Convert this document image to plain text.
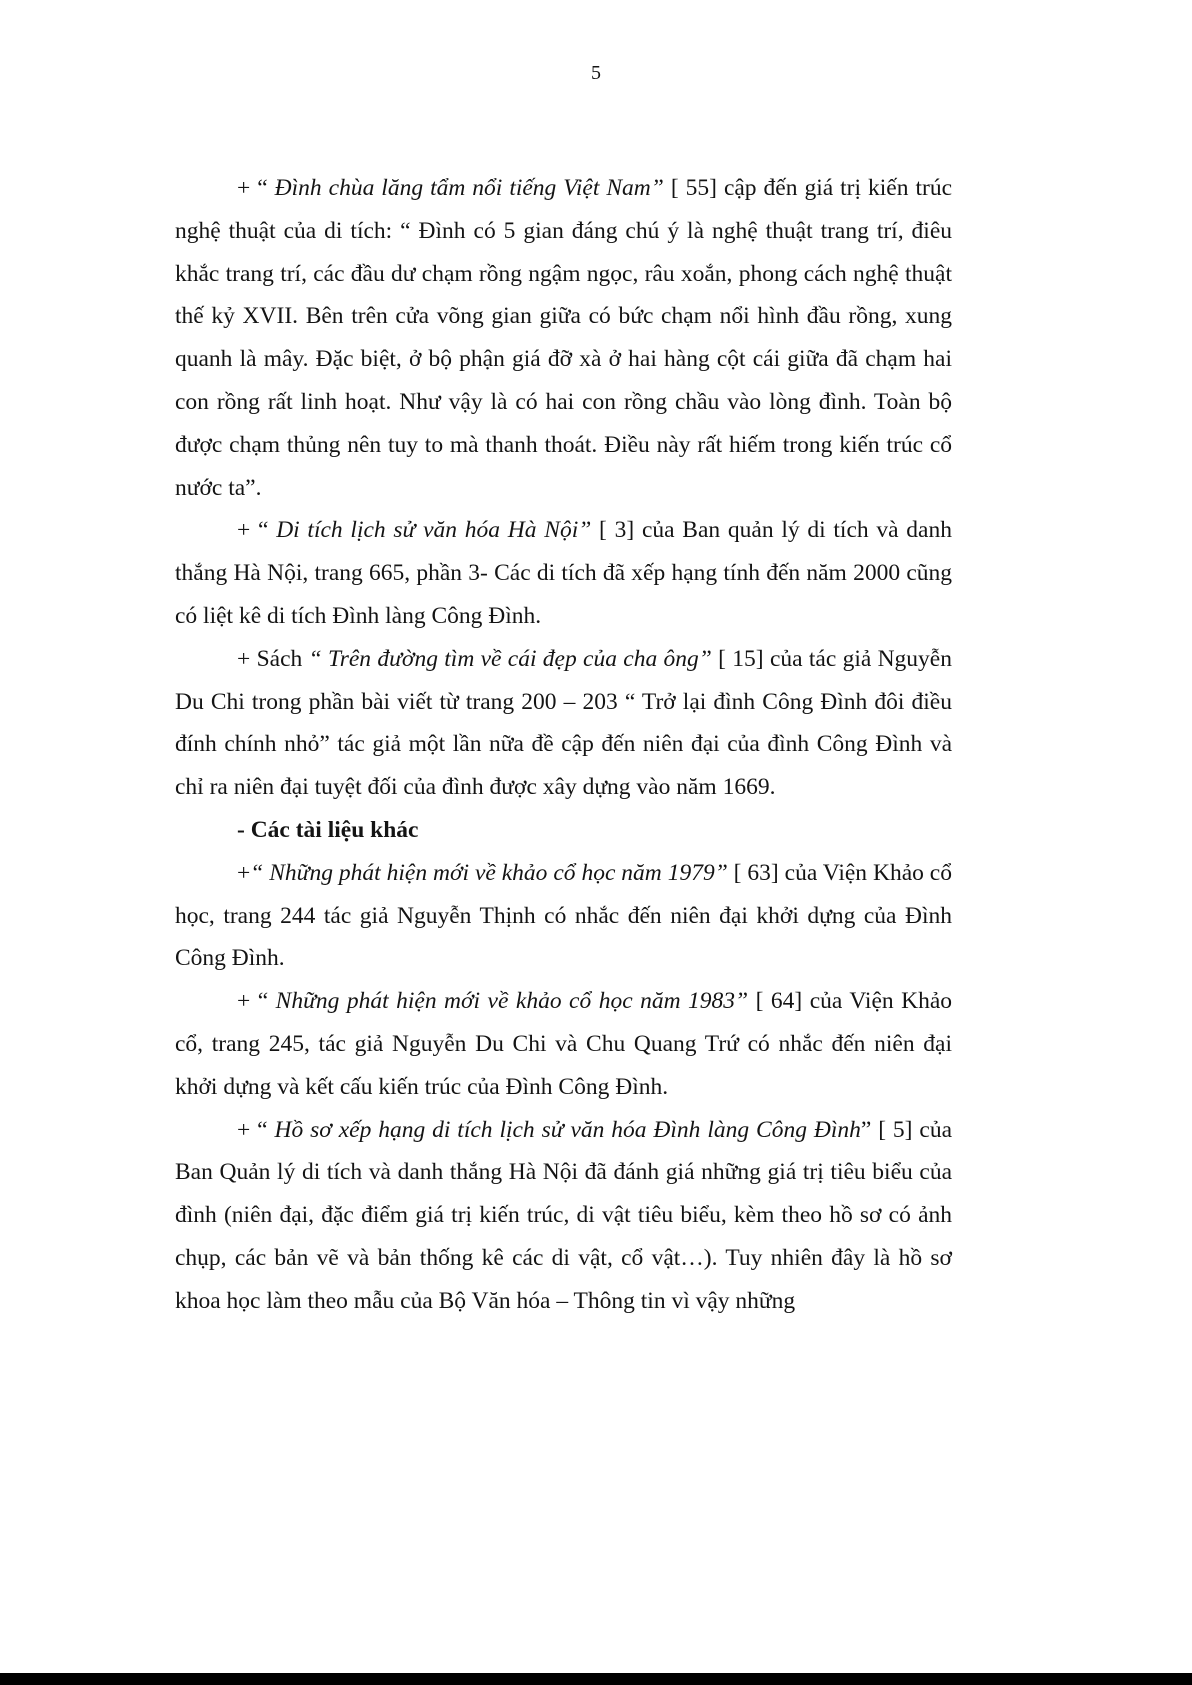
5

+ “ Đình chùa lăng tẩm nổi tiếng Việt Nam” [ 55] cập đến giá trị kiến trúc nghệ thuật của di tích: “ Đình có 5 gian đáng chú ý là nghệ thuật trang trí, điêu khắc trang trí, các đầu dư chạm rồng ngậm ngọc, râu xoắn, phong cách nghệ thuật thế kỷ XVII. Bên trên cửa võng gian giữa có bức chạm nổi hình đầu rồng, xung quanh là mây. Đặc biệt, ở bộ phận giá đỡ xà ở hai hàng cột cái giữa đã chạm hai con rồng rất linh hoạt. Như vậy là có hai con rồng chầu vào lòng đình. Toàn bộ được chạm thủng nên tuy to mà thanh thoát. Điều này rất hiếm trong kiến trúc cổ nước ta”.

+ “ Di tích lịch sử văn hóa Hà Nội” [ 3] của Ban quản lý di tích và danh thắng Hà Nội, trang 665, phần 3- Các di tích đã xếp hạng tính đến năm 2000 cũng có liệt kê di tích Đình làng Công Đình.

+ Sách “ Trên đường tìm về cái đẹp của cha ông” [ 15] của tác giả Nguyễn Du Chi trong phần bài viết từ trang 200 – 203 “ Trở lại đình Công Đình đôi điều đính chính nhỏ” tác giả một lần nữa đề cập đến niên đại của đình Công Đình và chỉ ra niên đại tuyệt đối của đình được xây dựng vào năm 1669.

- Các tài liệu khác

+“ Những phát hiện mới về khảo cổ học năm 1979” [ 63] của Viện Khảo cổ học, trang 244 tác giả Nguyễn Thịnh có nhắc đến niên đại khởi dựng của Đình Công Đình.

+ “ Những phát hiện mới về khảo cổ học năm 1983” [ 64] của Viện Khảo cổ, trang 245, tác giả Nguyễn Du Chi và Chu Quang Trứ có nhắc đến niên đại khởi dựng và kết cấu kiến trúc của Đình Công Đình.

+ “ Hồ sơ xếp hạng di tích lịch sử văn hóa Đình làng Công Đình” [ 5] của Ban Quản lý di tích và danh thắng Hà Nội đã đánh giá những giá trị tiêu biểu của đình (niên đại, đặc điểm giá trị kiến trúc, di vật tiêu biểu, kèm theo hồ sơ có ảnh chụp, các bản vẽ và bản thống kê các di vật, cổ vật…). Tuy nhiên đây là hồ sơ khoa học làm theo mẫu của Bộ Văn hóa – Thông tin vì vậy những
